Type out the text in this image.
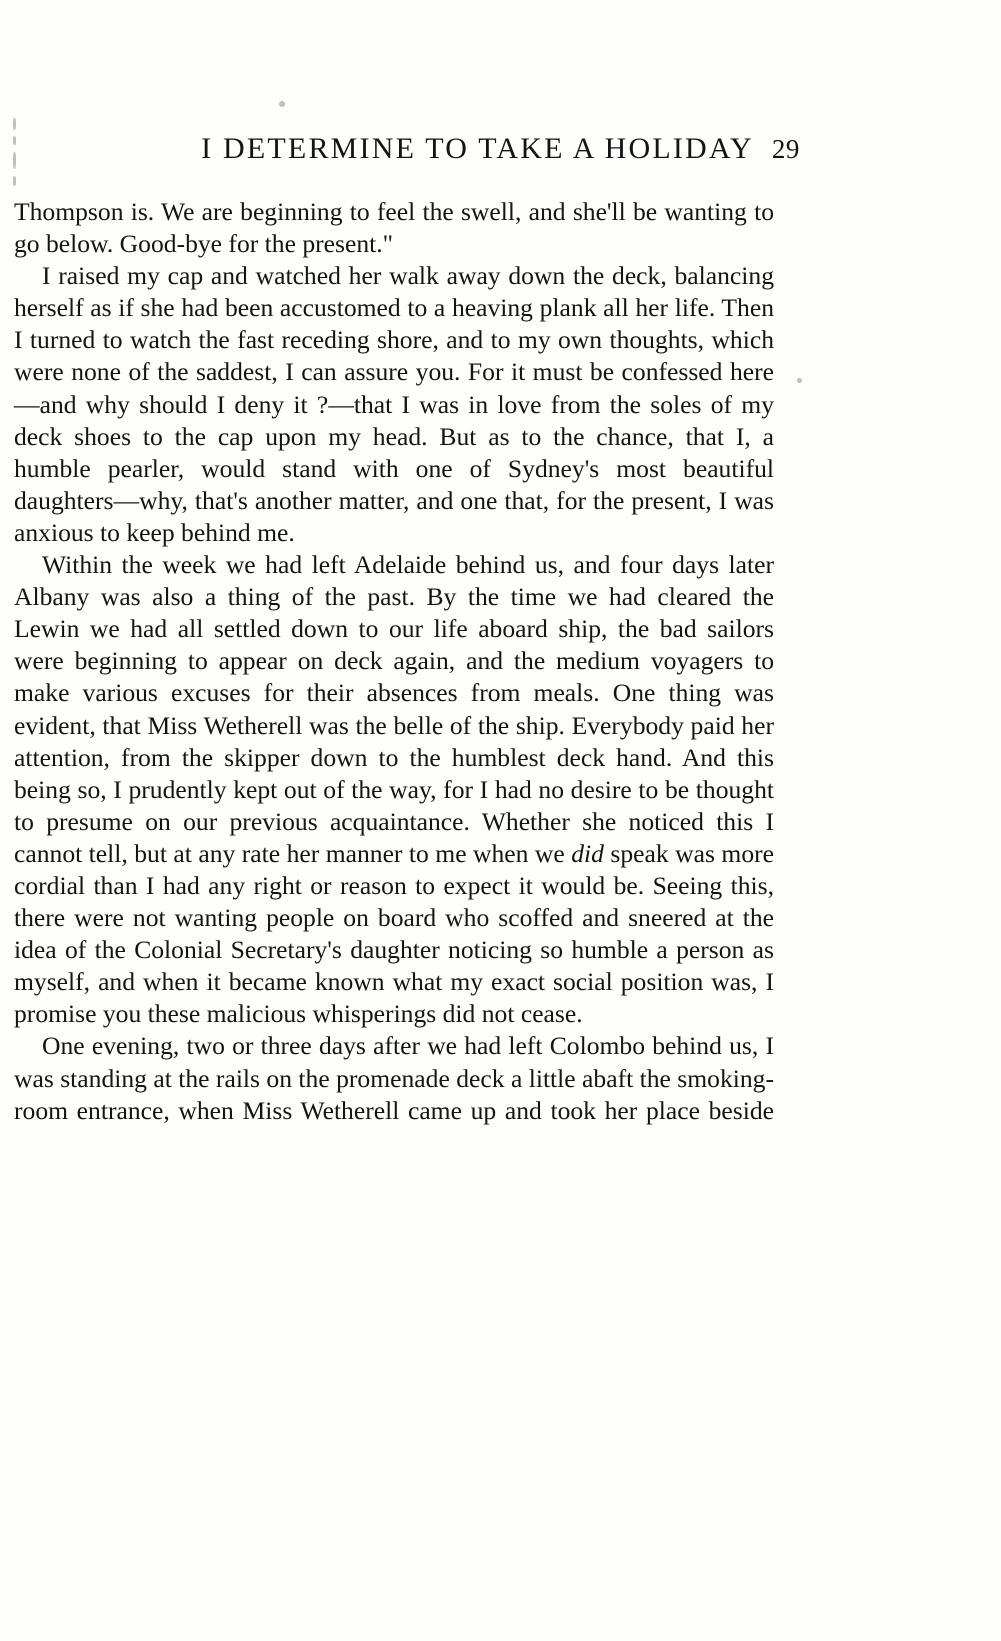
I DETERMINE TO TAKE A HOLIDAY 29

Thompson is. We are beginning to feel the swell, and she'll be wanting to go below. Good-bye for the present."

I raised my cap and watched her walk away down the deck, balancing herself as if she had been accustomed to a heaving plank all her life. Then I turned to watch the fast receding shore, and to my own thoughts, which were none of the saddest, I can assure you. For it must be confessed here—and why should I deny it ?—that I was in love from the soles of my deck shoes to the cap upon my head. But as to the chance, that I, a humble pearler, would stand with one of Sydney's most beautiful daughters—why, that's another matter, and one that, for the present, I was anxious to keep behind me.

Within the week we had left Adelaide behind us, and four days later Albany was also a thing of the past. By the time we had cleared the Lewin we had all settled down to our life aboard ship, the bad sailors were beginning to appear on deck again, and the medium voyagers to make various excuses for their absences from meals. One thing was evident, that Miss Wetherell was the belle of the ship. Everybody paid her attention, from the skipper down to the humblest deck hand. And this being so, I prudently kept out of the way, for I had no desire to be thought to presume on our previous acquaintance. Whether she noticed this I cannot tell, but at any rate her manner to me when we did speak was more cordial than I had any right or reason to expect it would be. Seeing this, there were not wanting people on board who scoffed and sneered at the idea of the Colonial Secretary's daughter noticing so humble a person as myself, and when it became known what my exact social position was, I promise you these malicious whisperings did not cease.

One evening, two or three days after we had left Colombo behind us, I was standing at the rails on the promenade deck a little abaft the smoking-room entrance, when Miss Wetherell came up and took her place beside
